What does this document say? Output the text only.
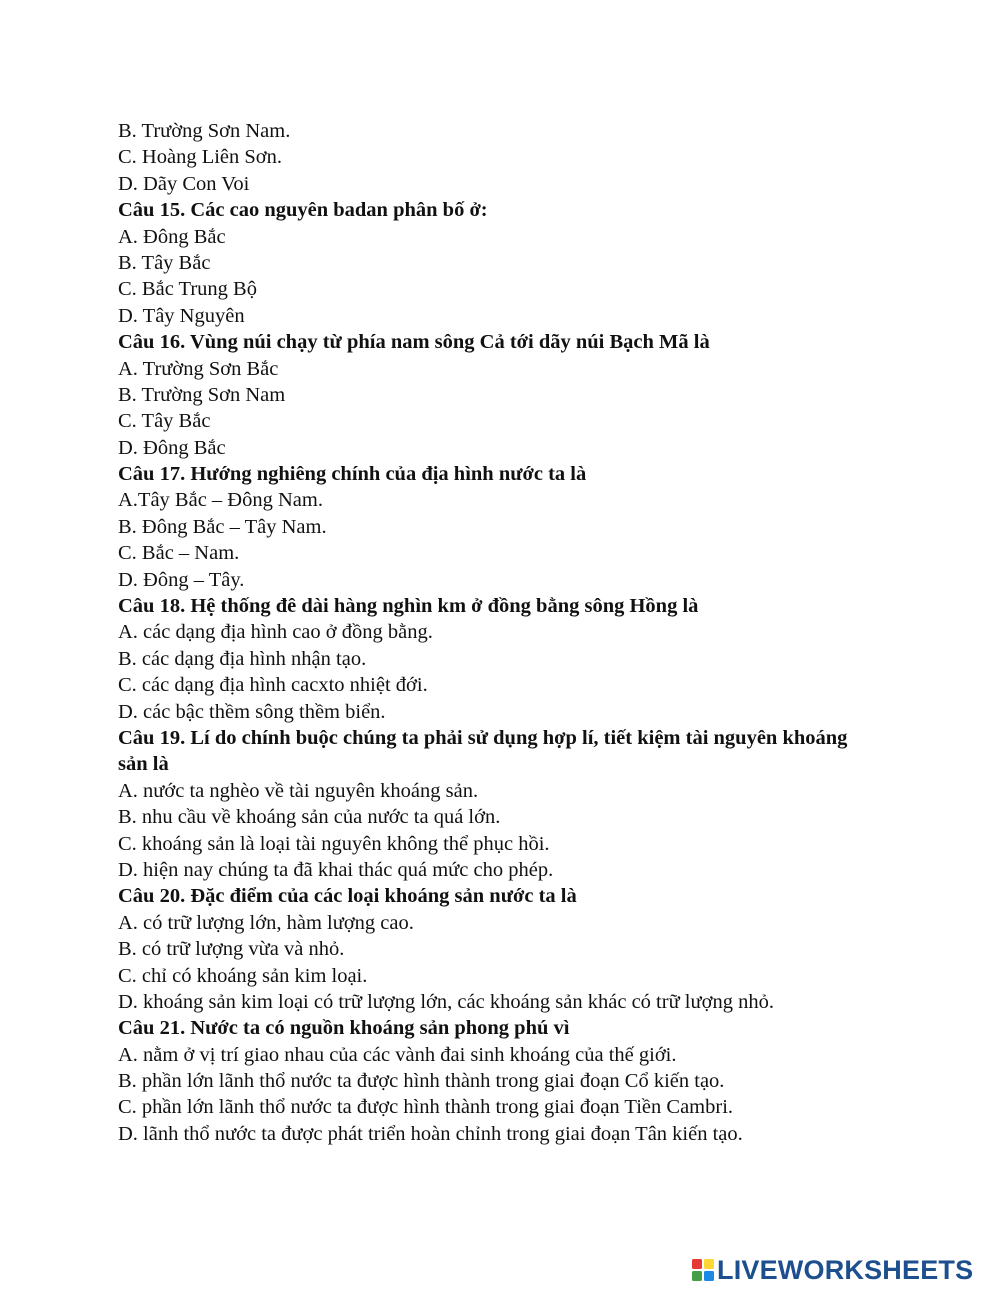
B. Trường Sơn Nam.
C. Hoàng Liên Sơn.
D. Dãy Con Voi
Câu 15. Các cao nguyên badan phân bố ở:
A. Đông Bắc
B. Tây Bắc
C. Bắc Trung Bộ
D. Tây Nguyên
Câu 16. Vùng núi chạy từ phía nam sông Cả tới dãy núi Bạch Mã là
A. Trường Sơn Bắc
B. Trường Sơn Nam
C. Tây Bắc
D. Đông Bắc
Câu 17. Hướng nghiêng chính của địa hình nước ta là
A.Tây Bắc – Đông Nam.
B. Đông Bắc – Tây Nam.
C. Bắc – Nam.
D. Đông – Tây.
Câu 18. Hệ thống đê dài hàng nghìn km ở đồng bằng sông Hồng là
A. các dạng địa hình cao ở đồng bằng.
B. các dạng địa hình nhận tạo.
C. các dạng địa hình cacxto nhiệt đới.
D. các bậc thềm sông thềm biển.
Câu 19. Lí do chính buộc chúng ta phải sử dụng hợp lí, tiết kiệm tài nguyên khoáng sản là
A. nước ta nghèo về tài nguyên khoáng sản.
B. nhu cầu về khoáng sản của nước ta quá lớn.
C. khoáng sản là loại tài nguyên không thể phục hồi.
D. hiện nay chúng ta đã khai thác quá mức cho phép.
Câu 20. Đặc điểm của các loại khoáng sản nước ta là
A. có trữ lượng lớn, hàm lượng cao.
B. có trữ lượng vừa và nhỏ.
C. chỉ có khoáng sản kim loại.
D. khoáng sản kim loại có trữ lượng lớn, các khoáng sản khác có trữ lượng nhỏ.
Câu 21. Nước ta có nguồn khoáng sản phong phú vì
A. nằm ở vị trí giao nhau của các vành đai sinh khoáng của thế giới.
B. phần lớn lãnh thổ nước ta được hình thành trong giai đoạn Cổ kiến tạo.
C. phần lớn lãnh thổ nước ta được hình thành trong giai đoạn Tiền Cambri.
D. lãnh thổ nước ta được phát triển hoàn chỉnh trong giai đoạn Tân kiến tạo.
LIVEWORKSHEETS
